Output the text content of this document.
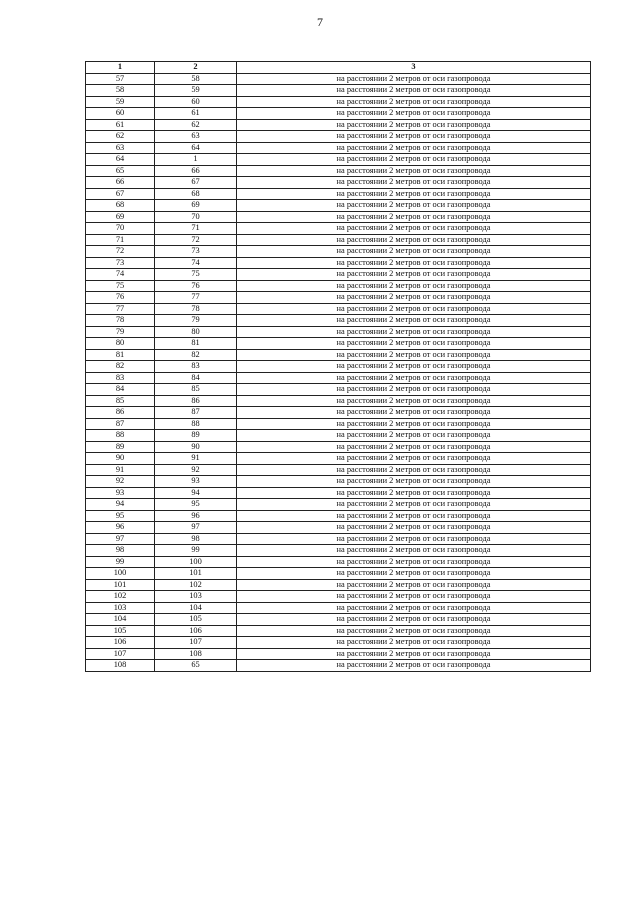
7
1	2	3
57	58	на расстоянии 2 метров от оси газопровода
58	59	на расстоянии 2 метров от оси газопровода
59	60	на расстоянии 2 метров от оси газопровода
60	61	на расстоянии 2 метров от оси газопровода
61	62	на расстоянии 2 метров от оси газопровода
62	63	на расстоянии 2 метров от оси газопровода
63	64	на расстоянии 2 метров от оси газопровода
64	1	на расстоянии 2 метров от оси газопровода
65	66	на расстоянии 2 метров от оси газопровода
66	67	на расстоянии 2 метров от оси газопровода
67	68	на расстоянии 2 метров от оси газопровода
68	69	на расстоянии 2 метров от оси газопровода
69	70	на расстоянии 2 метров от оси газопровода
70	71	на расстоянии 2 метров от оси газопровода
71	72	на расстоянии 2 метров от оси газопровода
72	73	на расстоянии 2 метров от оси газопровода
73	74	на расстоянии 2 метров от оси газопровода
74	75	на расстоянии 2 метров от оси газопровода
75	76	на расстоянии 2 метров от оси газопровода
76	77	на расстоянии 2 метров от оси газопровода
77	78	на расстоянии 2 метров от оси газопровода
78	79	на расстоянии 2 метров от оси газопровода
79	80	на расстоянии 2 метров от оси газопровода
80	81	на расстоянии 2 метров от оси газопровода
81	82	на расстоянии 2 метров от оси газопровода
82	83	на расстоянии 2 метров от оси газопровода
83	84	на расстоянии 2 метров от оси газопровода
84	85	на расстоянии 2 метров от оси газопровода
85	86	на расстоянии 2 метров от оси газопровода
86	87	на расстоянии 2 метров от оси газопровода
87	88	на расстоянии 2 метров от оси газопровода
88	89	на расстоянии 2 метров от оси газопровода
89	90	на расстоянии 2 метров от оси газопровода
90	91	на расстоянии 2 метров от оси газопровода
91	92	на расстоянии 2 метров от оси газопровода
92	93	на расстоянии 2 метров от оси газопровода
93	94	на расстоянии 2 метров от оси газопровода
94	95	на расстоянии 2 метров от оси газопровода
95	96	на расстоянии 2 метров от оси газопровода
96	97	на расстоянии 2 метров от оси газопровода
97	98	на расстоянии 2 метров от оси газопровода
98	99	на расстоянии 2 метров от оси газопровода
99	100	на расстоянии 2 метров от оси газопровода
100	101	на расстоянии 2 метров от оси газопровода
101	102	на расстоянии 2 метров от оси газопровода
102	103	на расстоянии 2 метров от оси газопровода
103	104	на расстоянии 2 метров от оси газопровода
104	105	на расстоянии 2 метров от оси газопровода
105	106	на расстоянии 2 метров от оси газопровода
106	107	на расстоянии 2 метров от оси газопровода
107	108	на расстоянии 2 метров от оси газопровода
108	65	на расстоянии 2 метров от оси газопровода
